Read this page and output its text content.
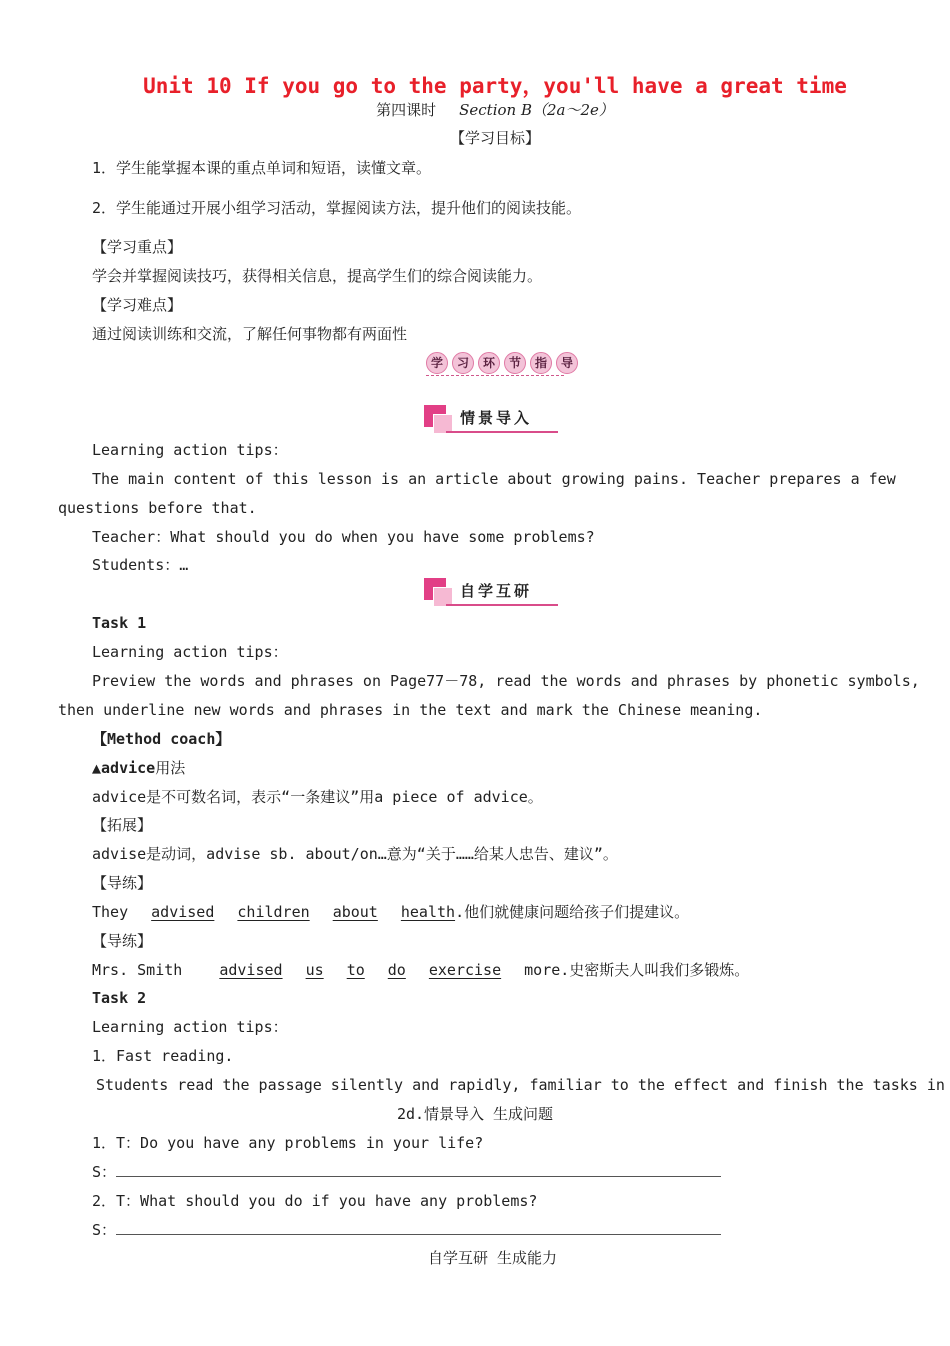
Unit 10 If you go to the party，you'll have a great time
第四课时 Section B（2a～2e）
【学习目标】
1．学生能掌握本课的重点单词和短语，读懂文章。
2．学生能通过开展小组学习活动，掌握阅读方法，提升他们的阅读技能。
【学习重点】
学会并掌握阅读技巧，获得相关信息，提高学生们的综合阅读能力。
【学习难点】
通过阅读训练和交流，了解任何事物都有两面性
学	习	环	节	指	导
情景导入
Learning action tips：
The main content of this lesson is an article about growing pains. Teacher prepares a few
questions before that.
Teacher：What should you do when you have some problems?
Students：…
自学互研
Task 1
Learning action tips：
Preview the words and phrases on Page77－78, read the words and phrases by phonetic symbols,
then underline new words and phrases in the text and mark the Chinese meaning.
【Method coach】
▲advice用法
advice是不可数名词，表示“一条建议”用a piece of advice。
【拓展】
advise是动词，advise sb. about/on…意为“关于……给某人忠告、建议”。
【导练】
They advised children about health.他们就健康问题给孩子们提建议。
【导练】
Mrs. Smith advised us to do exercise more.史密斯夫人叫我们多锻炼。
Task 2
Learning action tips：
1．Fast reading.
Students read the passage silently and rapidly, familiar to the effect and finish the tasks in
2d.情景导入 生成问题
1．T：Do you have any problems in your life?
S：
2．T：What should you do if you have any problems?
S：
自学互研 生成能力
